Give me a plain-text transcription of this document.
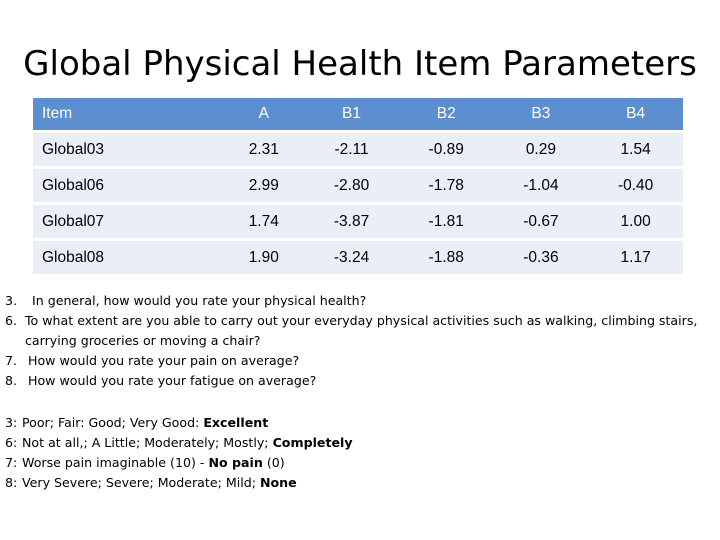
Global Physical Health Item Parameters
Item	A	B1	B2	B3	B4
Global03	2.31	-2.11	-0.89	0.29	1.54
Global06	2.99	-2.80	-1.78	-1.04	-0.40
Global07	1.74	-3.87	-1.81	-0.67	1.00
Global08	1.90	-3.24	-1.88	-0.36	1.17
3.	In general, how would you rate your physical health?
6. To what extent are you able to carry out your everyday physical activities such as walking, climbing stairs, carrying groceries or moving a chair?
7. How would you rate your pain on average?
8. How would you rate your fatigue on average?
3: Poor; Fair: Good; Very Good: Excellent
6: Not at all,; A Little; Moderately; Mostly; Completely
7: Worse pain imaginable (10) - No pain (0)
8: Very Severe; Severe; Moderate; Mild; None
